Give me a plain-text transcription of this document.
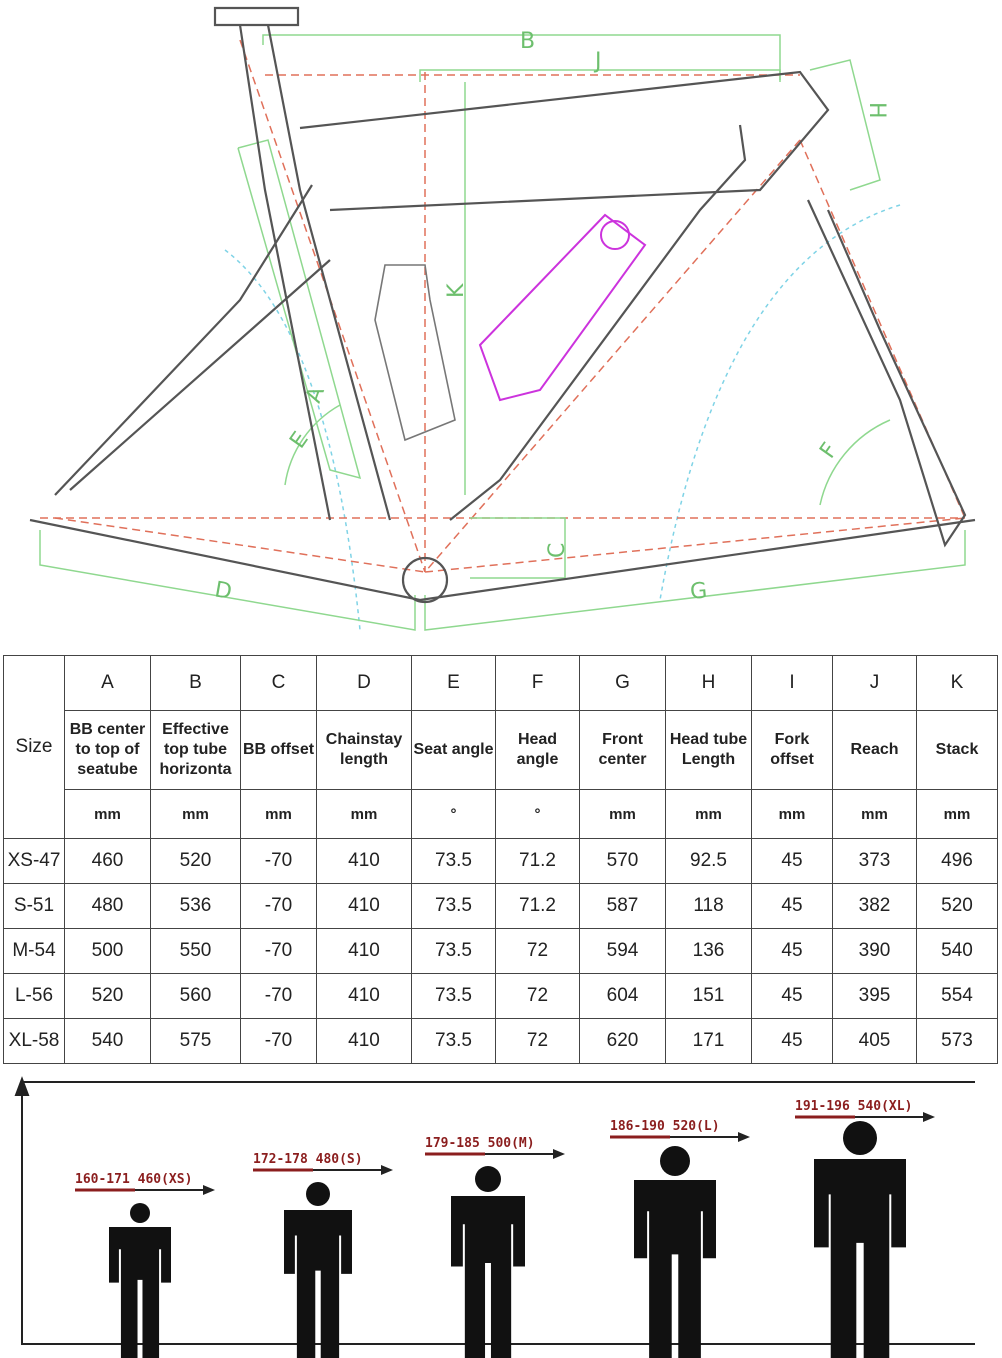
B
J
H
K
A
E	F
C
D	G
Size	A	B	C	D	E	F	G	H	I	J	K
	BB center to top of seatube	Effective top tube horizonta	BB offset	Chainstay length	Seat angle	Head angle	Front center	Head tube Length	Fork offset	Reach	Stack
	mm	mm	mm	mm	°	°	mm	mm	mm	mm	mm
XS-47	460	520	-70	410	73.5	71.2	570	92.5	45	373	496
S-51	480	536	-70	410	73.5	71.2	587	118	45	382	520
M-54	500	550	-70	410	73.5	72	594	136	45	390	540
L-56	520	560	-70	410	73.5	72	604	151	45	395	554
XL-58	540	575	-70	410	73.5	72	620	171	45	405	573
160-171 460(XS)
172-178 480(S)
179-185 500(M)
186-190 520(L)
191-196 540(XL)
